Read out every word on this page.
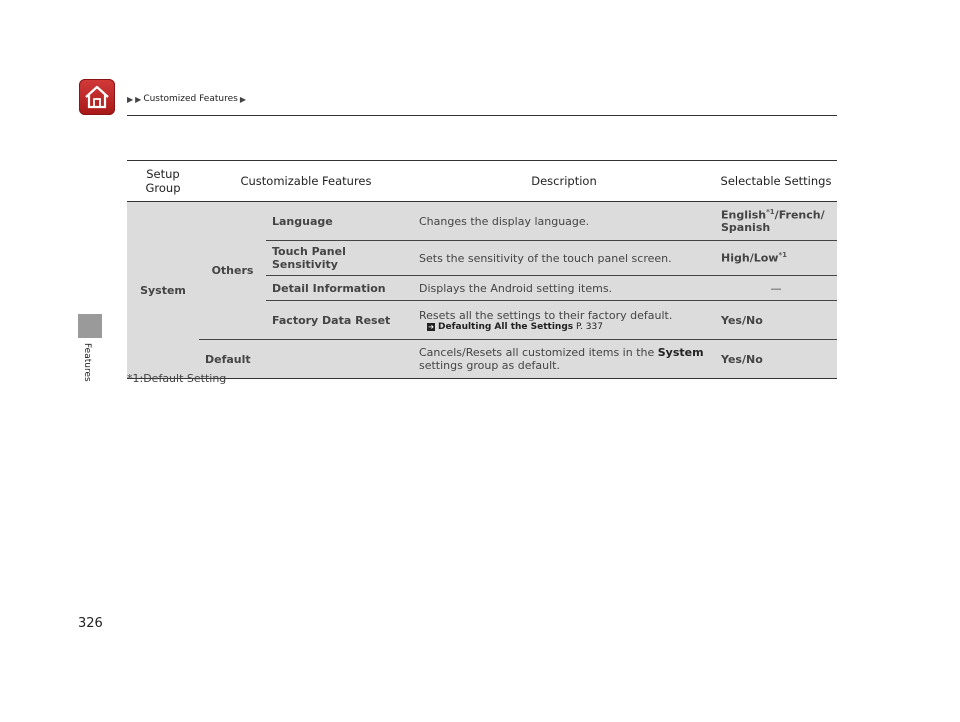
▶ ▶ Customized Features ▶
Features
Setup Group	Customizable Features		Description	Selectable Settings
System	Others	Language	Changes the display language.	English$^{*1}$/French/
Spanish
		Touch Panel Sensitivity	Sets the sensitivity of the touch panel screen.	High/Low$^{*1}$
		Detail Information	Displays the Android setting items.	—
		Factory Data Reset	Resets all the settings to their factory default.
➔ Defaulting All the Settings P. 337	Yes/No
	Default		Cancels/Resets all customized items in the System
settings group as default.	Yes/No

*1:Default Setting
326
